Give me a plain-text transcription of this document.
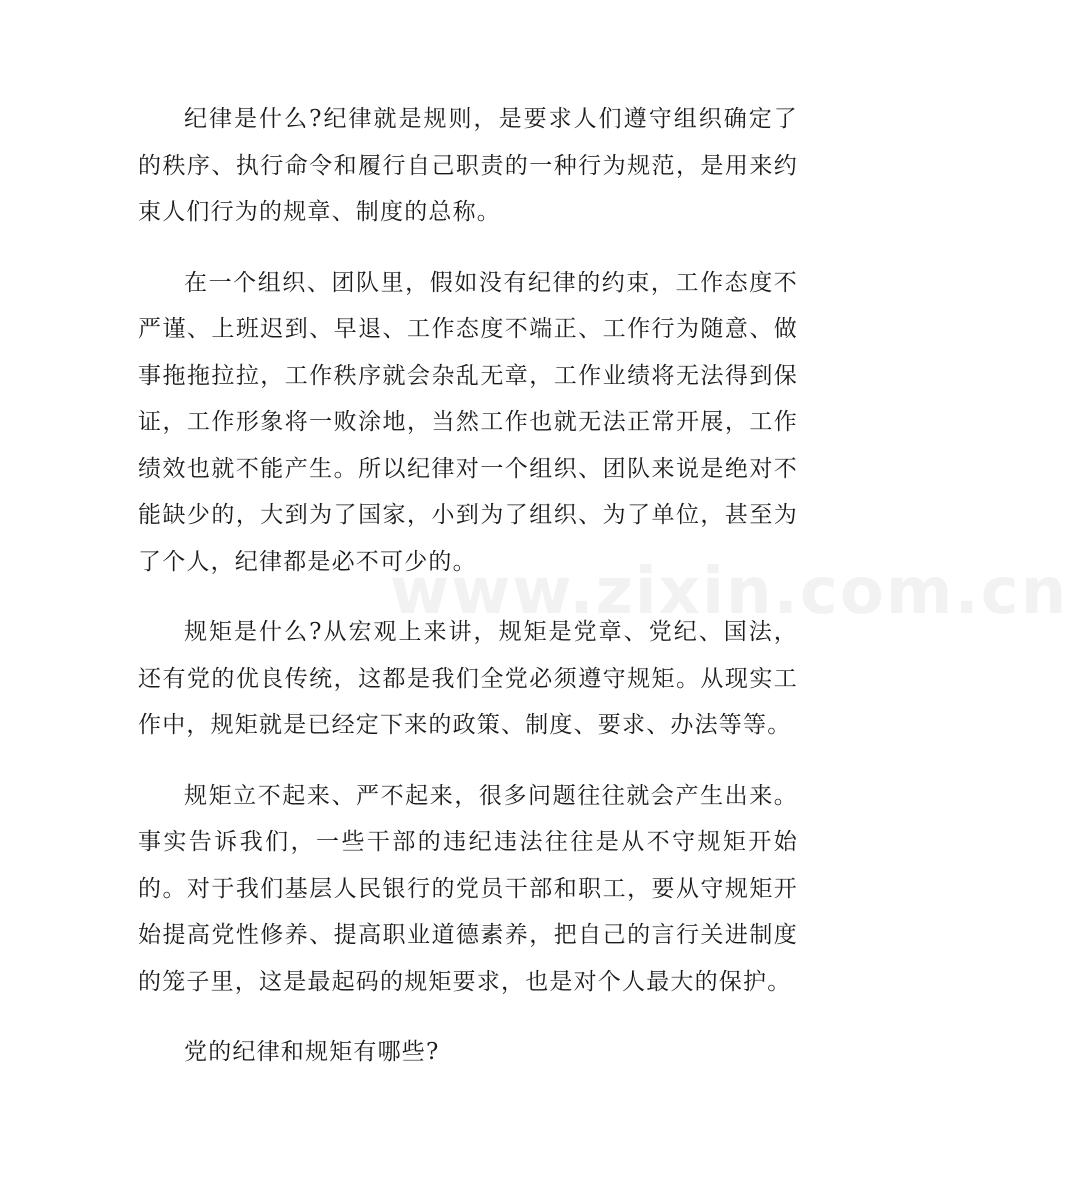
www.zixin.com.cn

纪律是什么?纪律就是规则，是要求人们遵守组织确定了的秩序、执行命令和履行自己职责的一种行为规范，是用来约束人们行为的规章、制度的总称。

在一个组织、团队里，假如没有纪律的约束，工作态度不严谨、上班迟到、早退、工作态度不端正、工作行为随意、做事拖拖拉拉，工作秩序就会杂乱无章，工作业绩将无法得到保证，工作形象将一败涂地，当然工作也就无法正常开展，工作绩效也就不能产生。所以纪律对一个组织、团队来说是绝对不能缺少的，大到为了国家，小到为了组织、为了单位，甚至为了个人，纪律都是必不可少的。

规矩是什么?从宏观上来讲，规矩是党章、党纪、国法，还有党的优良传统，这都是我们全党必须遵守规矩。从现实工作中，规矩就是已经定下来的政策、制度、要求、办法等等。

规矩立不起来、严不起来，很多问题往往就会产生出来。事实告诉我们，一些干部的违纪违法往往是从不守规矩开始的。对于我们基层人民银行的党员干部和职工，要从守规矩开始提高党性修养、提高职业道德素养，把自己的言行关进制度的笼子里，这是最起码的规矩要求，也是对个人最大的保护。

党的纪律和规矩有哪些?
